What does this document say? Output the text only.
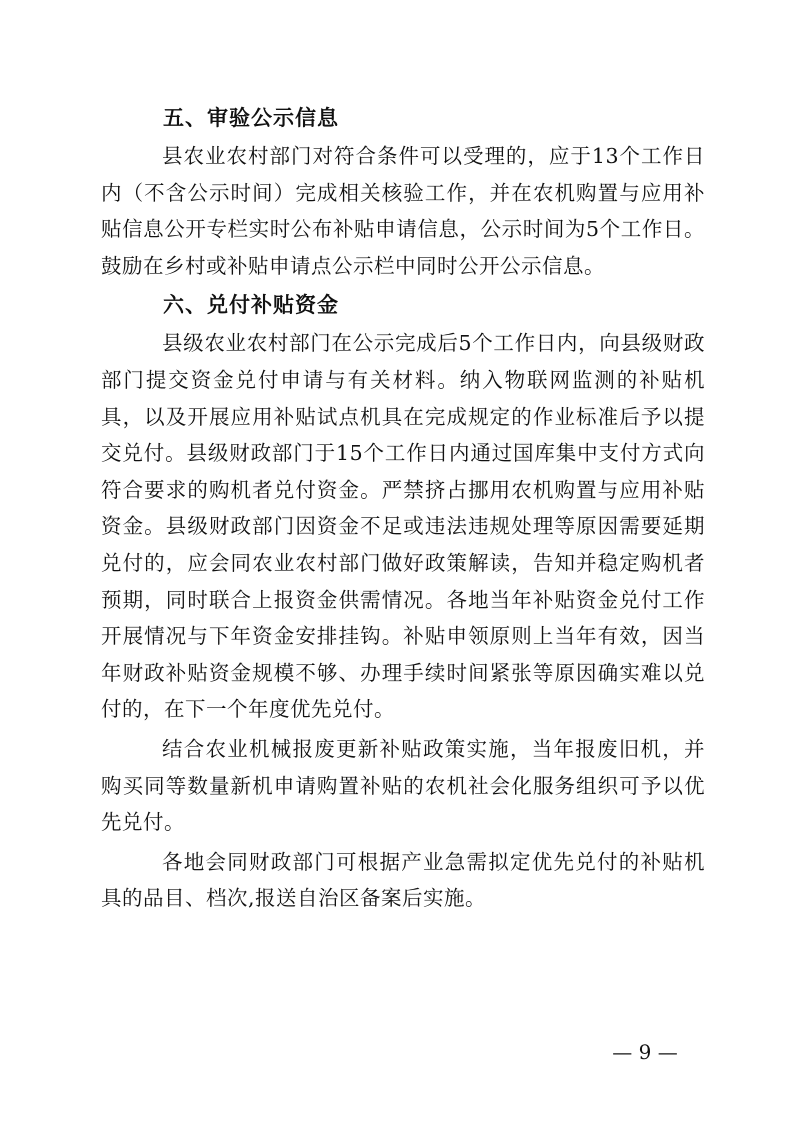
五、审验公示信息

县农业农村部门对符合条件可以受理的，应于13个工作日内（不含公示时间）完成相关核验工作，并在农机购置与应用补贴信息公开专栏实时公布补贴申请信息，公示时间为5个工作日。鼓励在乡村或补贴申请点公示栏中同时公开公示信息。

六、兑付补贴资金

县级农业农村部门在公示完成后5个工作日内，向县级财政部门提交资金兑付申请与有关材料。纳入物联网监测的补贴机具，以及开展应用补贴试点机具在完成规定的作业标准后予以提交兑付。县级财政部门于15个工作日内通过国库集中支付方式向符合要求的购机者兑付资金。严禁挤占挪用农机购置与应用补贴资金。县级财政部门因资金不足或违法违规处理等原因需要延期兑付的，应会同农业农村部门做好政策解读，告知并稳定购机者预期，同时联合上报资金供需情况。各地当年补贴资金兑付工作开展情况与下年资金安排挂钩。补贴申领原则上当年有效，因当年财政补贴资金规模不够、办理手续时间紧张等原因确实难以兑付的，在下一个年度优先兑付。

结合农业机械报废更新补贴政策实施，当年报废旧机，并购买同等数量新机申请购置补贴的农机社会化服务组织可予以优先兑付。

各地会同财政部门可根据产业急需拟定优先兑付的补贴机具的品目、档次,报送自治区备案后实施。

— 9 —
